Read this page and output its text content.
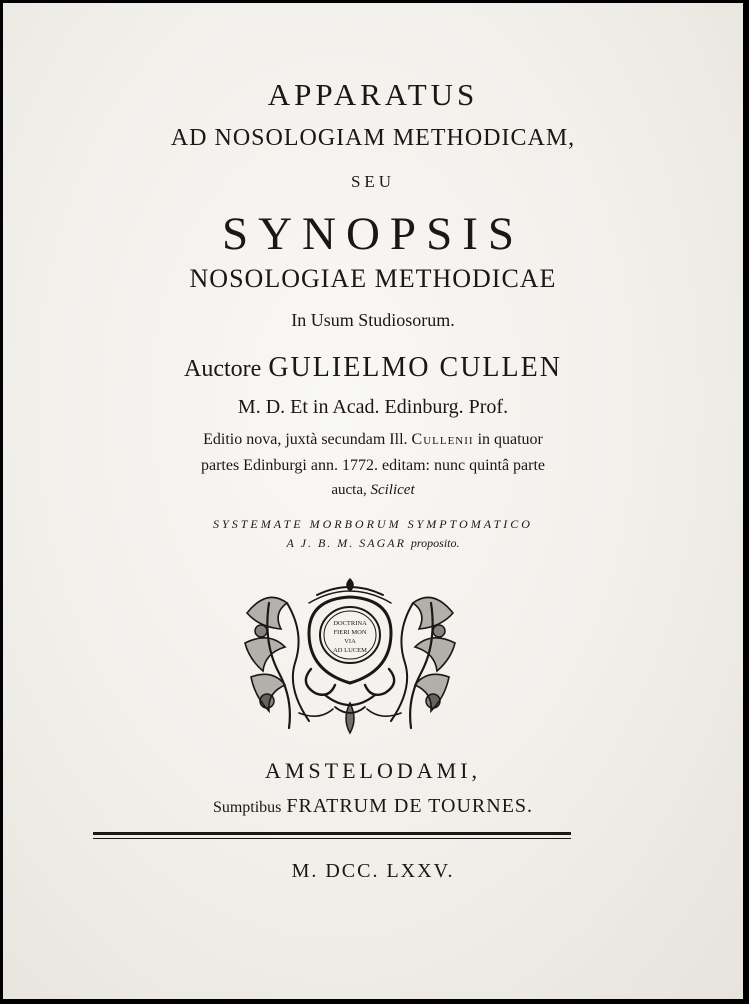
APPARATUS
AD NOSOLOGIAM METHODICAM,
SEU
SYNOPSIS
NOSOLOGIAE METHODICAE
In Usum Studiosorum.
Auctore GULIELMO CULLEN
M. D. Et in Acad. Edinburg. Prof.
Editio nova, juxtà secundam Ill. Cullenii in quatuor
partes Edinburgi ann. 1772. editam: nunc quintâ parte
aucta, Scilicet
SYSTEMATE MORBORUM SYMPTOMATICO
A J. B. M. SAGAR proposito.
DOCTRINA
FIERI MON
VIA
AD LUCEM
AMSTELODAMI,
Sumptibus FRATRUM DE TOURNES.
M. DCC. LXXV.
